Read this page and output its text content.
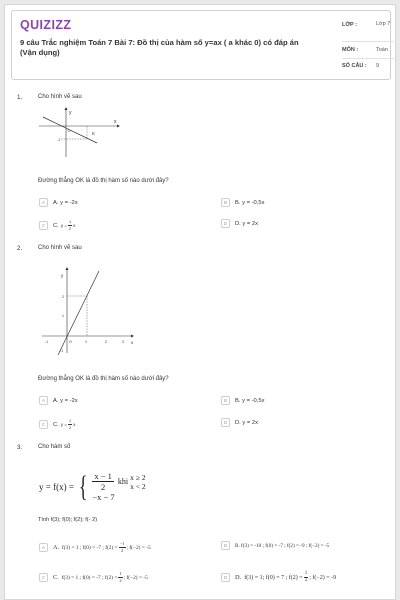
QUIZIZZ
9 câu Trắc nghiệm Toán 7 Bài 7: Đồ thị của hàm số y=ax ( a khác 0) có đáp án (Vận dụng)
LỚP :	Lớp 7
MÔN :	Toán
SỐ CÂU : 9
1.	Cho hình vẽ sau
y
x
O
K
-1
Đường thẳng OK là đồ thị hàm số nào dưới đây?
A	A. y = -2x	B	B. y = -0,5x
C	C. $y = \frac{1}{2}$ x	D	D. y = 2x
2.	Cho hình vẽ sau
y
x
2
1
-1
O
-1	1	2	3
Đường thẳng OK là đồ thị hàm số nào dưới đây?
A	A. y = -2x	B	B. y = -0,5x
C	C. $y = \frac{1}{2}$ x	D	D. y = 2x
3.	Cho hàm số
y = f(x) = { $\frac{x - 1}{2}$ khi x ≥ 2
x < 2
−x − 7
Tính f(3); f(0); f(2); f(- 2)
A	A. f(3) = 1 ; f(0) = -7 ; $f(2) = \frac{-1}{2}$ ; f(−2) = -5	B	B. f(3) = -10 ; f(0) = -7 ; f(2) = -9 ; f(−2) = -5
C	C. f(3) = 1 ; f(0) = -7 ; $f(2) = \frac{1}{2}$ ; f(−2) = -5	D	D. f(3) = 1; f(0) = 7 ; $f(2) = \frac{1}{2}$ ; f(−2) = -9
